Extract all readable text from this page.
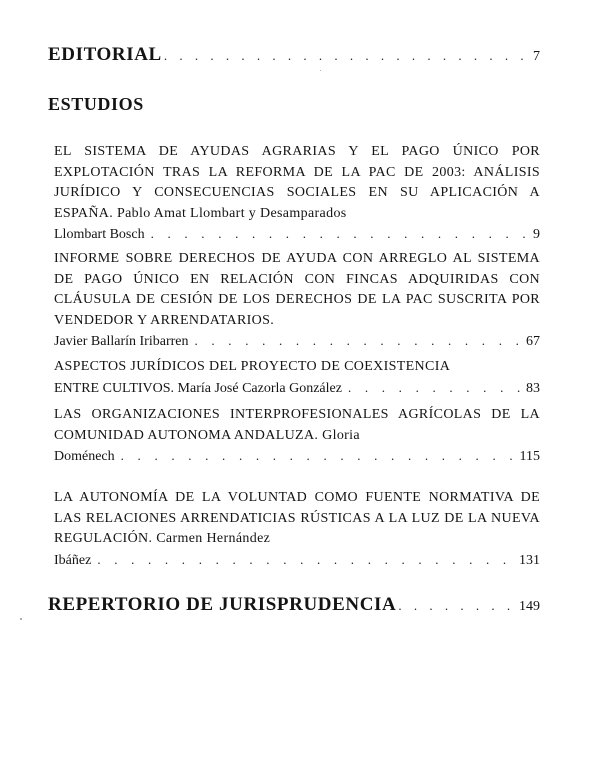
EDITORIAL . . .	7
ESTUDIOS
EL SISTEMA DE AYUDAS AGRARIAS Y EL PAGO ÚNICO POR EXPLOTACIÓN TRAS LA REFORMA DE LA PAC DE 2003: ANÁLISIS JURÍDICO Y CONSECUENCIAS SOCIALES EN SU APLICACIÓN A ESPAÑA. Pablo Amat Llombart y Desamparados
Llombart Bosch . . .	9
INFORME SOBRE DERECHOS DE AYUDA CON ARREGLO AL SISTEMA DE PAGO ÚNICO EN RELACIÓN CON FINCAS ADQUIRIDAS CON CLÁUSULA DE CESIÓN DE LOS DERECHOS DE LA PAC SUSCRITA POR VENDEDOR Y ARRENDATARIOS.
Javier Ballarín Iribarren . . .	67
ASPECTOS JURÍDICOS DEL PROYECTO DE COEXISTENCIA
ENTRE CULTIVOS. María José Cazorla González . . .	83
LAS ORGANIZACIONES INTERPROFESIONALES AGRÍCOLAS DE LA COMUNIDAD AUTONOMA ANDALUZA. Gloria
Doménech . . .	115
LA AUTONOMÍA DE LA VOLUNTAD COMO FUENTE NORMATIVA DE LAS RELACIONES ARRENDATICIAS RÚSTICAS A LA LUZ DE LA NUEVA REGULACIÓN. Carmen Hernández
Ibáñez . . .	131
REPERTORIO DE JURISPRUDENCIA . . .	149
